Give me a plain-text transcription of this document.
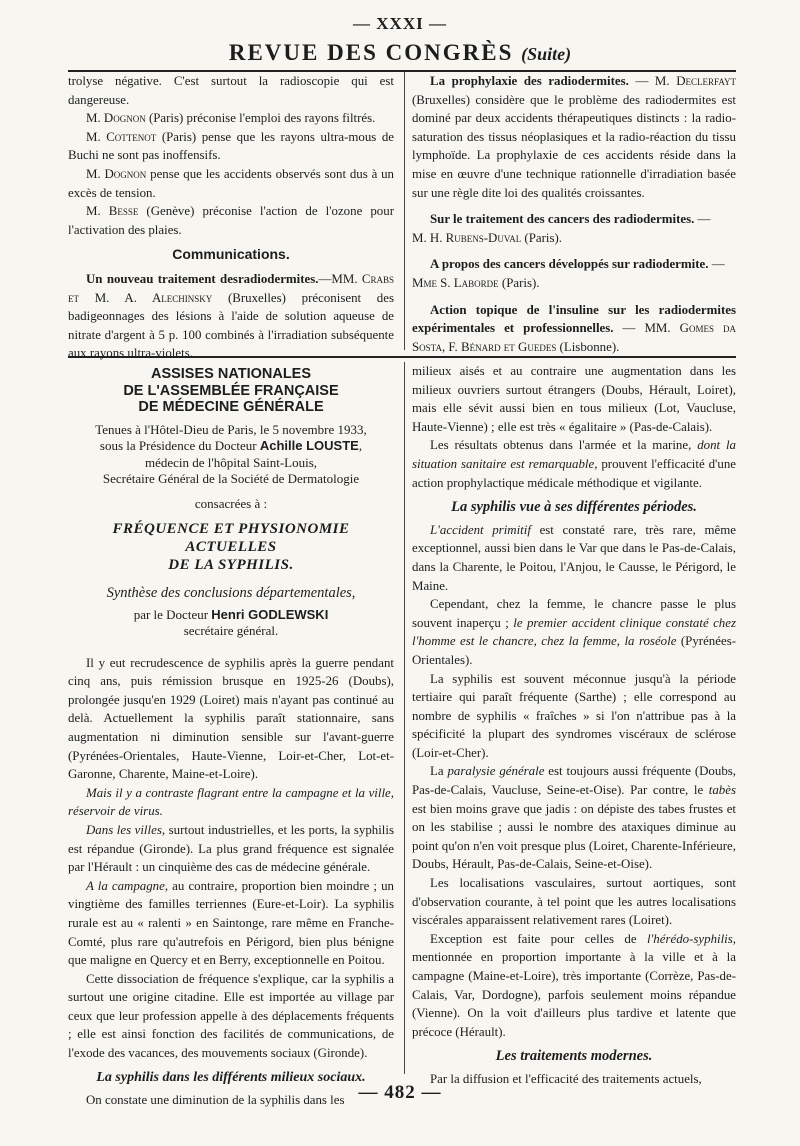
— XXXI —
REVUE DES CONGRÈS (Suite)

trolyse négative. C'est surtout la radioscopie qui est dangereuse.

M. Dognon (Paris) préconise l'emploi des rayons filtrés.

M. Cottenot (Paris) pense que les rayons ultra-mous de Buchi ne sont pas inoffensifs.

M. Dognon pense que les accidents observés sont dus à un excès de tension.

M. Besse (Genève) préconise l'action de l'ozone pour l'activation des plaies.

Communications.

Un nouveau traitement desradiodermites.—MM. Crabs et M. A. Alechinsky (Bruxelles) préconisent des badigeonnages des lésions à l'aide de solution aqueuse de nitrate d'argent à 5 p. 100 combinés à l'irradiation subséquente aux rayons ultra-violets.

La prophylaxie des radiodermites. — M. Declerfayt (Bruxelles) considère que le problème des radiodermites est dominé par deux accidents thérapeutiques distincts : la radio-saturation des tissus néoplasiques et la radio-réaction du tissu lymphoïde. La prophylaxie de ces accidents réside dans la mise en œuvre d'une technique rationnelle d'irradiation basée sur une règle dite loi des qualités croissantes.

Sur le traitement des cancers des radiodermites. —

M. H. Rubens-Duval (Paris).

A propos des cancers développés sur radiodermite. —

Mme S. Laborde (Paris).

Action topique de l'insuline sur les radiodermites expérimentales et professionnelles. — MM. Gomes da Sosta, F. Bénard et Guedes (Lisbonne).

ASSISES NATIONALES
DE L'ASSEMBLÉE FRANÇAISE
DE MÉDECINE GÉNÉRALE
Tenues à l'Hôtel-Dieu de Paris, le 5 novembre 1933,
sous la Présidence du Docteur Achille LOUSTE,
médecin de l'hôpital Saint-Louis,
Secrétaire Général de la Société de Dermatologie
consacrées à :
FRÉQUENCE ET PHYSIONOMIE ACTUELLES
DE LA SYPHILIS.
Synthèse des conclusions départementales,
par le Docteur Henri GODLEWSKI
secrétaire général.

Il y eut recrudescence de syphilis après la guerre pendant cinq ans, puis rémission brusque en 1925-26 (Doubs), prolongée jusqu'en 1929 (Loiret) mais n'ayant pas continué au delà. Actuellement la syphilis paraît stationnaire, sans augmentation ni diminution sensible sur l'avant-guerre (Pyrénées-Orientales, Haute-Vienne, Loir-et-Cher, Lot-et-Garonne, Charente, Maine-et-Loire).

Mais il y a contraste flagrant entre la campagne et la ville, réservoir de virus.

Dans les villes, surtout industrielles, et les ports, la syphilis est répandue (Gironde). La plus grand fréquence est signalée par l'Hérault : un cinquième des cas de médecine générale.

A la campagne, au contraire, proportion bien moindre ; un vingtième des familles terriennes (Eure-et-Loir). La syphilis rurale est au « ralenti » en Saintonge, rare même en Franche-Comté, plus rare qu'autrefois en Périgord, bien plus bénigne que maligne en Quercy et en Berry, exceptionnelle en Poitou.

Cette dissociation de fréquence s'explique, car la syphilis a surtout une origine citadine. Elle est importée au village par ceux que leur profession appelle à des déplacements fréquents ; elle est ainsi fonction des facilités de communications, de l'exode des vacances, des mouvements sociaux (Gironde).

La syphilis dans les différents milieux sociaux.

On constate une diminution de la syphilis dans les

milieux aisés et au contraire une augmentation dans les milieux ouvriers surtout étrangers (Doubs, Hérault, Loiret), mais elle sévit aussi bien en tous milieux (Lot, Vaucluse, Haute-Vienne) ; elle est très « égalitaire » (Pas-de-Calais).

Les résultats obtenus dans l'armée et la marine, dont la situation sanitaire est remarquable, prouvent l'efficacité d'une action prophylactique médicale méthodique et vigilante.

La syphilis vue à ses différentes périodes.

L'accident primitif est constaté rare, très rare, même exceptionnel, aussi bien dans le Var que dans le Pas-de-Calais, dans la Charente, le Poitou, l'Anjou, le Causse, le Périgord, le Maine.

Cependant, chez la femme, le chancre passe le plus souvent inaperçu ; le premier accident clinique constaté chez l'homme est le chancre, chez la femme, la roséole (Pyrénées-Orientales).

La syphilis est souvent méconnue jusqu'à la période tertiaire qui paraît fréquente (Sarthe) ; elle correspond au nombre de syphilis « fraîches » si l'on n'attribue pas à la spécificité la plupart des syndromes viscéraux de sclérose (Loir-et-Cher).

La paralysie générale est toujours aussi fréquente (Doubs, Pas-de-Calais, Vaucluse, Seine-et-Oise). Par contre, le tabès est bien moins grave que jadis : on dépiste des tabes frustes et on les stabilise ; aussi le nombre des ataxiques diminue au point qu'on n'en voit presque plus (Loiret, Charente-Inférieure, Doubs, Hérault, Pas-de-Calais, Seine-et-Oise).

Les localisations vasculaires, surtout aortiques, sont d'observation courante, à tel point que les autres localisations viscérales apparaissent relativement rares (Loiret).

Exception est faite pour celles de l'hérédo-syphilis, mentionnée en proportion importante à la ville et à la campagne (Maine-et-Loire), très importante (Corrèze, Pas-de-Calais, Var, Dordogne), parfois seulement moins répandue (Vienne). On la voit d'ailleurs plus tardive et latente que précoce (Hérault).

Les traitements modernes.

Par la diffusion et l'efficacité des traitements actuels,

— 482 —
